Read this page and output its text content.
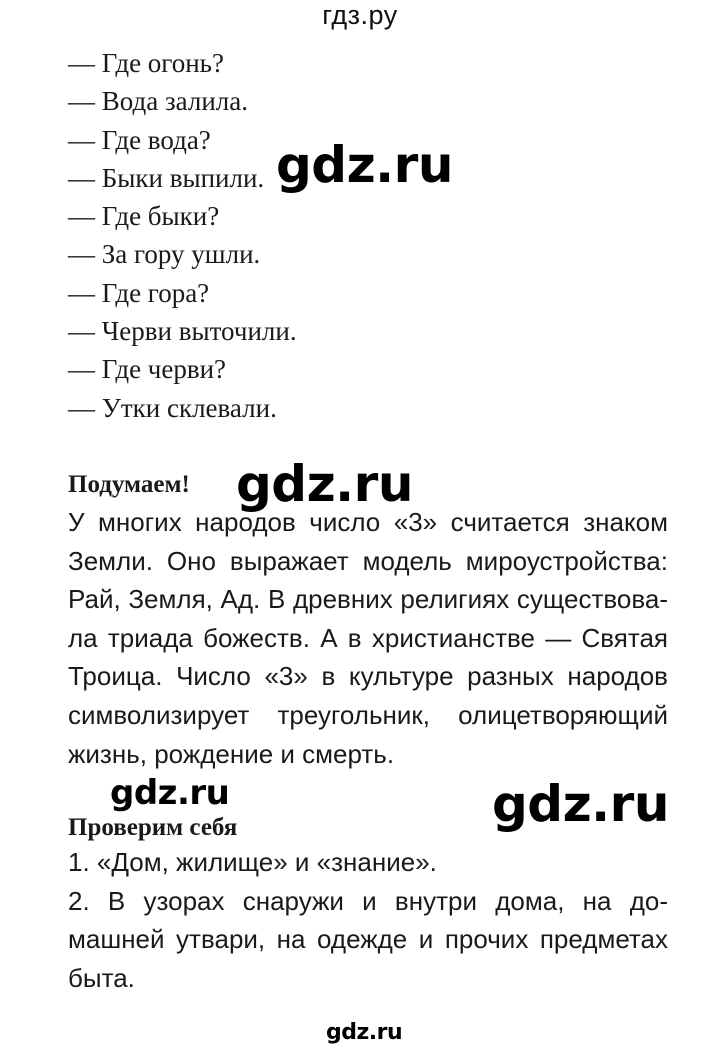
гдз.ру
— Где огонь?
— Вода залила.
— Где вода?
— Быки выпили.
— Где быки?
— За гору ушли.
— Где гора?
— Черви выточили.
— Где черви?
— Утки склевали.
Подумаем!
У многих народов число «3» считается знаком
Земли. Оно выражает модель мироустройства:
Рай, Земля, Ад. В древних религиях существова-
ла триада божеств. А в христианстве — Святая
Троица. Число «3» в культуре разных народов
символизирует треугольник, олицетворяющий
жизнь, рождение и смерть.
Проверим себя
1. «Дом, жилище» и «знание».
2. В узорах снаружи и внутри дома, на до-
машней утвари, на одежде и прочих предметах
быта.
gdz.ru
gdz.ru
gdz.ru	gdz.ru
gdz.ru
